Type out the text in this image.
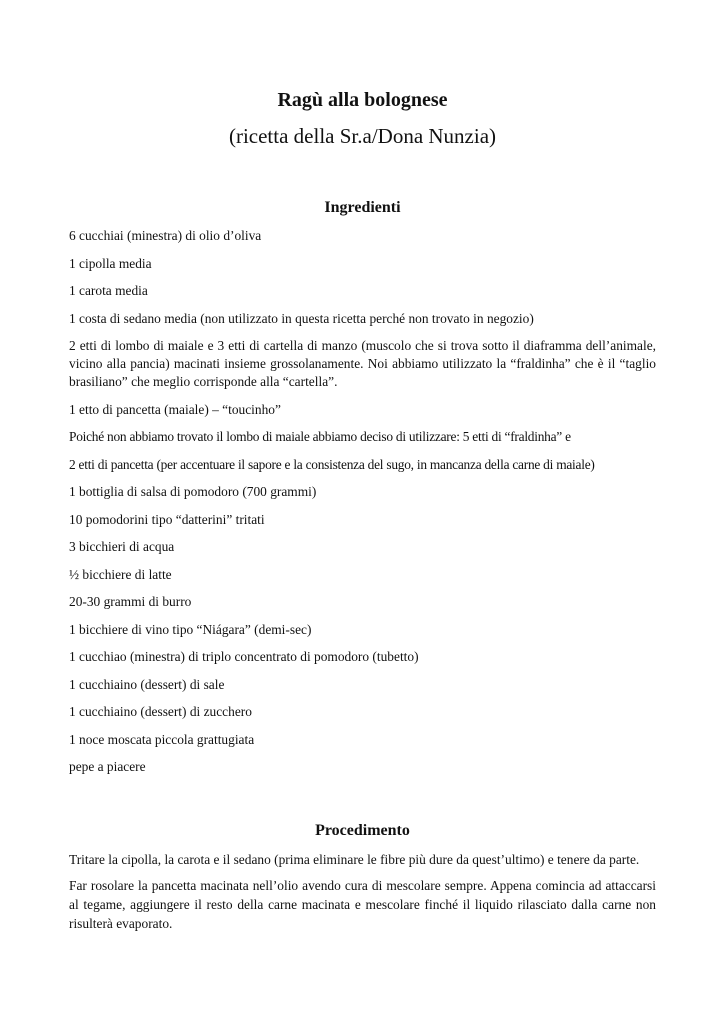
Ragù alla bolognese
(ricetta della Sr.a/Dona Nunzia)
Ingredienti
6 cucchiai (minestra) di olio d’oliva
1 cipolla media
1 carota media
1 costa di sedano media (non utilizzato in questa ricetta perché non trovato in negozio)
2 etti di lombo di maiale e 3 etti di cartella di manzo (muscolo che si trova sotto il diaframma dell’animale, vicino alla pancia) macinati insieme grossolanamente. Noi abbiamo utilizzato la “fraldinha” che è il “taglio brasiliano” che meglio corrisponde alla “cartella”.
1 etto di pancetta (maiale) – “toucinho”
Poiché non abbiamo trovato il lombo di maiale abbiamo deciso di utilizzare: 5 etti di “fraldinha” e
2 etti di pancetta (per accentuare il sapore e la consistenza del sugo, in mancanza della carne di maiale)
1 bottiglia di salsa di pomodoro (700 grammi)
10 pomodorini tipo “datterini” tritati
3 bicchieri di acqua
½ bicchiere di latte
20-30 grammi di burro
1 bicchiere di vino tipo “Niágara” (demi-sec)
1 cucchiao (minestra) di triplo concentrato di pomodoro (tubetto)
1 cucchiaino (dessert) di sale
1 cucchiaino (dessert) di zucchero
1 noce moscata piccola grattugiata
pepe a piacere
Procedimento

Tritare la cipolla, la carota e il sedano (prima eliminare le fibre più dure da quest’ultimo) e tenere da parte.

Far rosolare la pancetta macinata nell’olio avendo cura di mescolare sempre. Appena comincia ad attaccarsi al tegame, aggiungere il resto della carne macinata e mescolare finché il liquido rilasciato dalla carne non risulterà evaporato.
